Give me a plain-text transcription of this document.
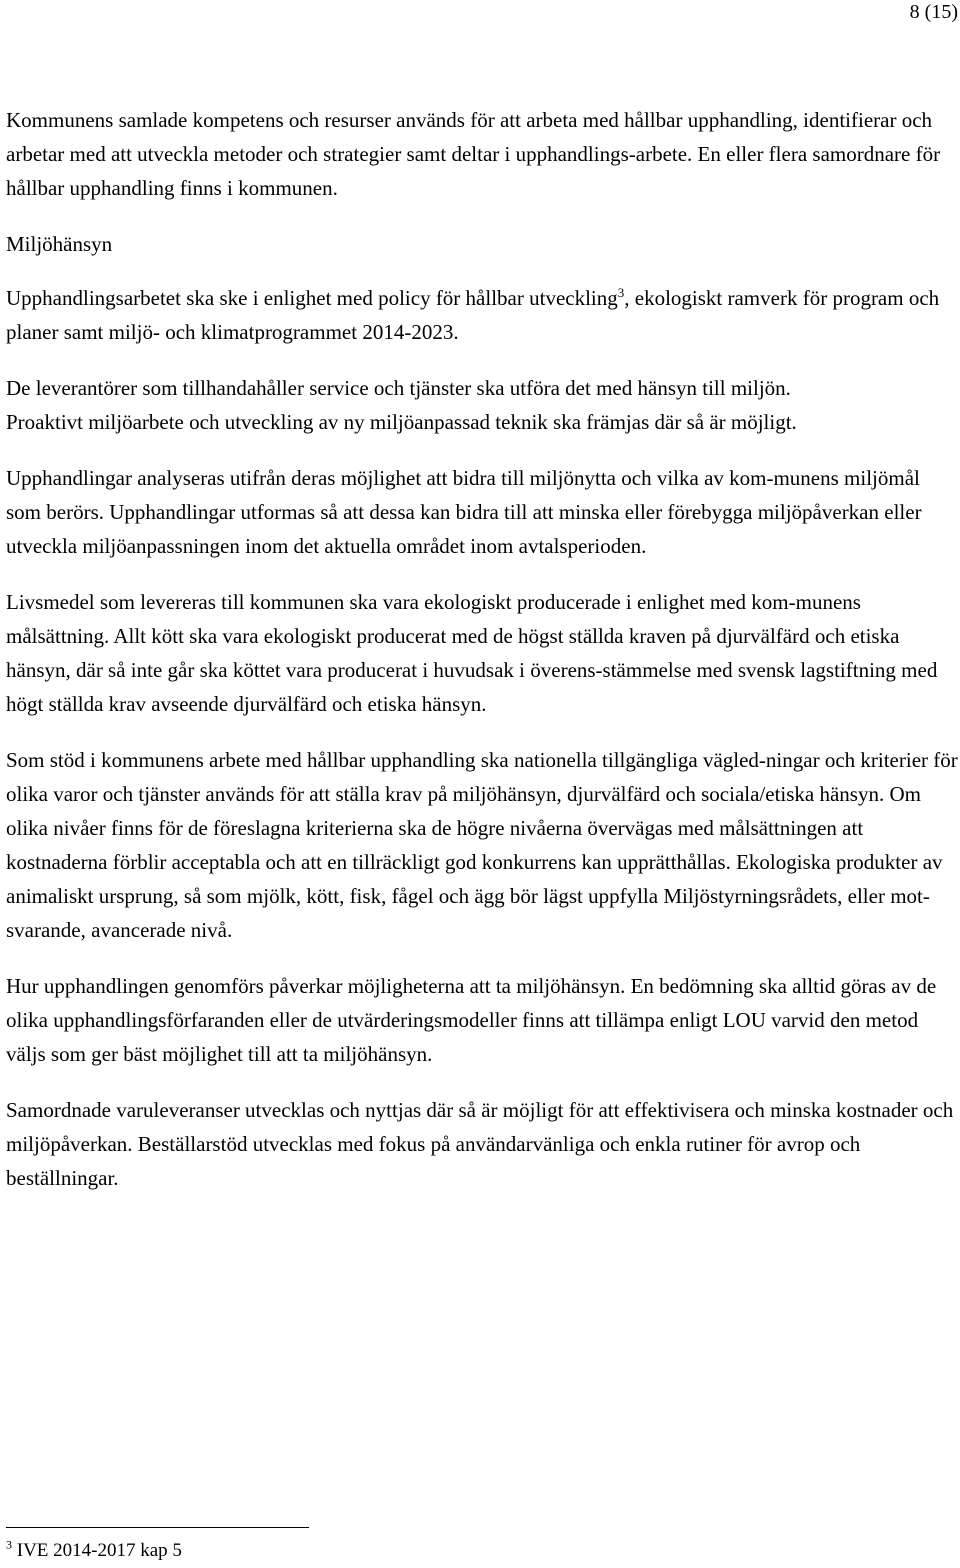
8 (15)

Kommunens samlade kompetens och resurser används för att arbeta med hållbar upphandling, identifierar och arbetar med att utveckla metoder och strategier samt deltar i upphandlings-arbete. En eller flera samordnare för hållbar upphandling finns i kommunen.

Miljöhänsyn

Upphandlingsarbetet ska ske i enlighet med policy för hållbar utveckling$^3$, ekologiskt ramverk för program och planer samt miljö- och klimatprogrammet 2014-2023.

De leverantörer som tillhandahåller service och tjänster ska utföra det med hänsyn till miljön.

Proaktivt miljöarbete och utveckling av ny miljöanpassad teknik ska främjas där så är möjligt.

Upphandlingar analyseras utifrån deras möjlighet att bidra till miljönytta och vilka av kom-munens miljömål som berörs. Upphandlingar utformas så att dessa kan bidra till att minska eller förebygga miljöpåverkan eller utveckla miljöanpassningen inom det aktuella området inom avtalsperioden.

Livsmedel som levereras till kommunen ska vara ekologiskt producerade i enlighet med kom-munens målsättning. Allt kött ska vara ekologiskt producerat med de högst ställda kraven på djurvälfärd och etiska hänsyn, där så inte går ska köttet vara producerat i huvudsak i överens-stämmelse med svensk lagstiftning med högt ställda krav avseende djurvälfärd och etiska hänsyn.

Som stöd i kommunens arbete med hållbar upphandling ska nationella tillgängliga vägled-ningar och kriterier för olika varor och tjänster används för att ställa krav på miljöhänsyn, djurvälfärd och sociala/etiska hänsyn. Om olika nivåer finns för de föreslagna kriterierna ska de högre nivåerna övervägas med målsättningen att kostnaderna förblir acceptabla och att en tillräckligt god konkurrens kan upprätthållas. Ekologiska produkter av animaliskt ursprung, så som mjölk, kött, fisk, fågel och ägg bör lägst uppfylla Miljöstyrningsrådets, eller mot-svarande, avancerade nivå.

Hur upphandlingen genomförs påverkar möjligheterna att ta miljöhänsyn. En bedömning ska alltid göras av de olika upphandlingsförfaranden eller de utvärderingsmodeller finns att tillämpa enligt LOU varvid den metod väljs som ger bäst möjlighet till att ta miljöhänsyn.

Samordnade varuleveranser utvecklas och nyttjas där så är möjligt för att effektivisera och minska kostnader och miljöpåverkan. Beställarstöd utvecklas med fokus på användarvänliga och enkla rutiner för avrop och beställningar.

$^3$ IVE 2014-2017 kap 5
